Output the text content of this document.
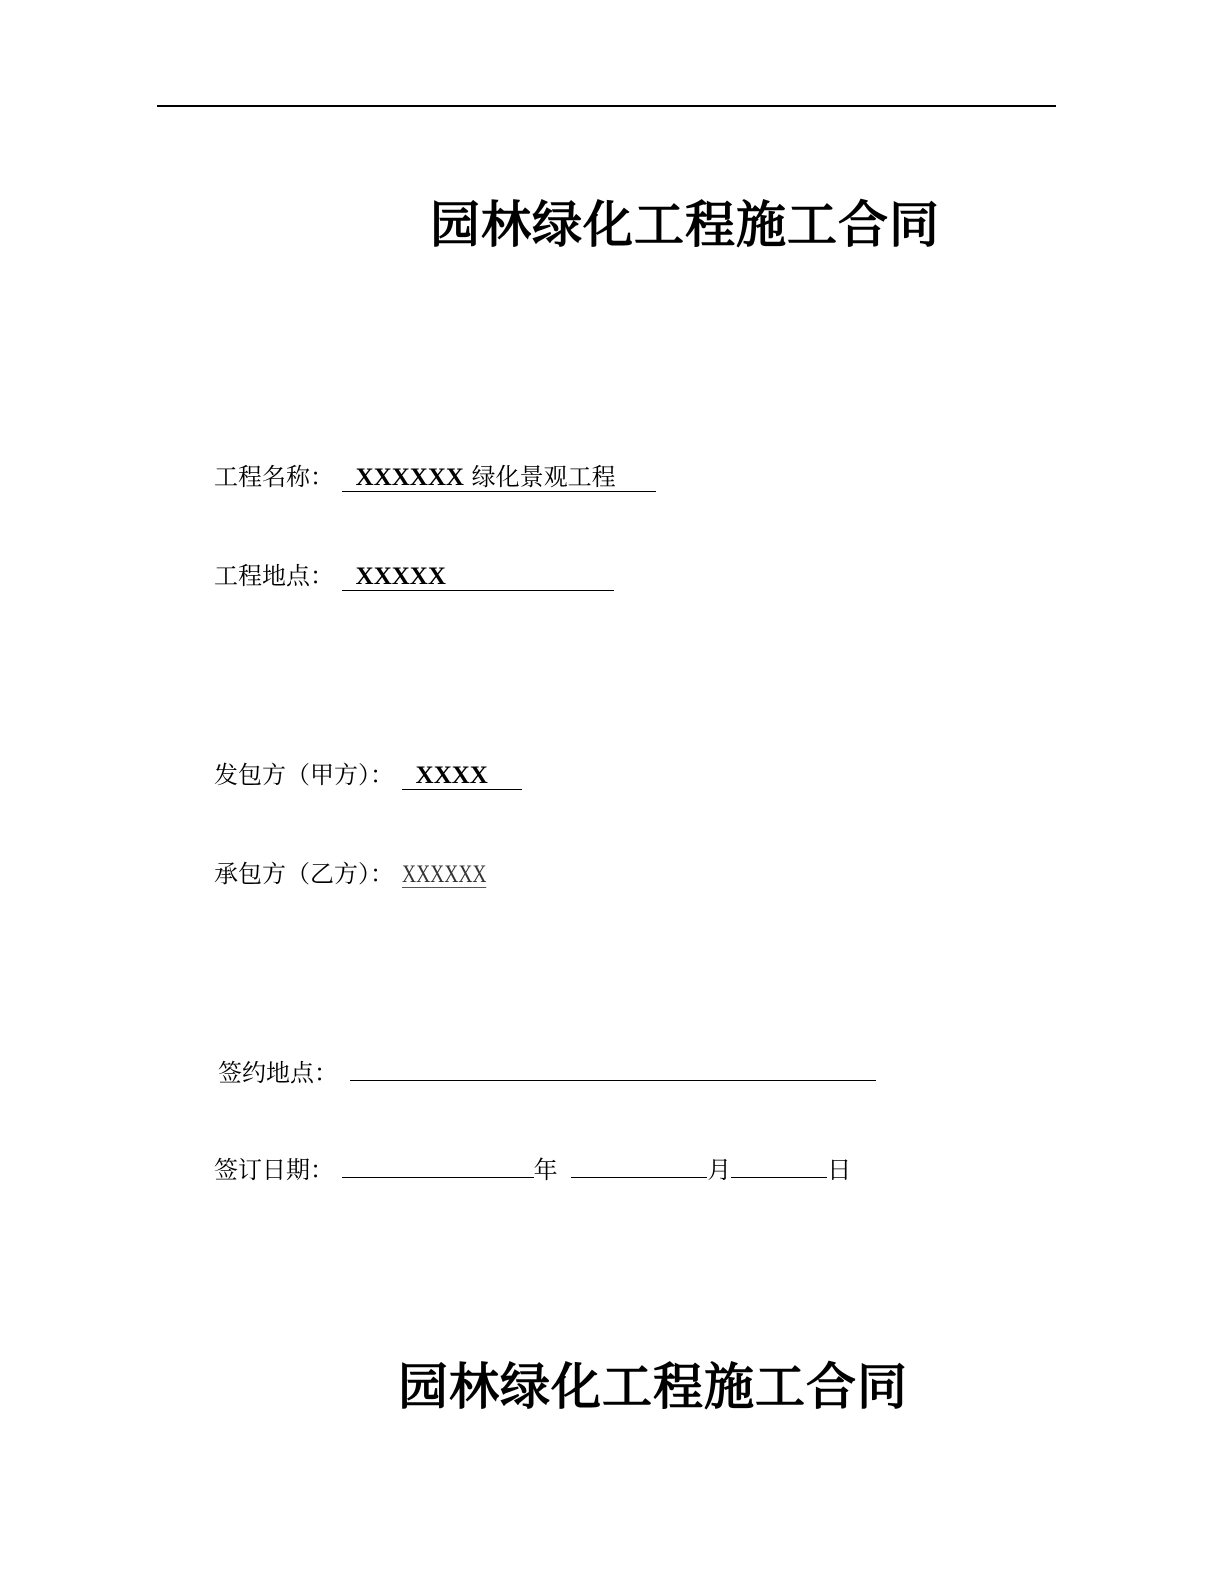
园林绿化工程施工合同
工程名称： XXXXXX 绿化景观工程
工程地点： XXXXX
发包方（甲方）： XXXX
承包方（乙方）： XXXXXX
签约地点：
签订日期：	年	月	日
园林绿化工程施工合同
